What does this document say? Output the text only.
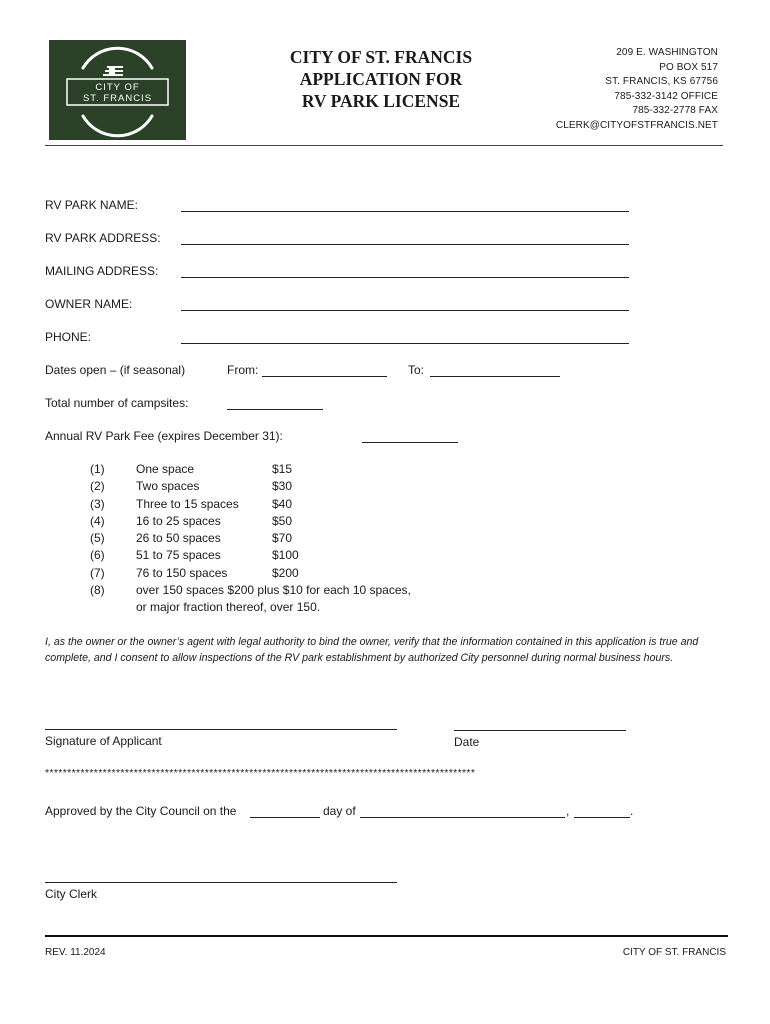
CITY OF
ST. FRANCIS
CITY OF ST. FRANCIS
APPLICATION FOR
RV PARK LICENSE
209 E. WASHINGTON
PO BOX 517
ST. FRANCIS, KS 67756
785-332-3142 OFFICE
785-332-2778 FAX
CLERK@CITYOFSTFRANCIS.NET
RV PARK NAME:
RV PARK ADDRESS:
MAILING ADDRESS:
OWNER NAME:
PHONE:
Dates open – (if seasonal)	From:	To:
Total number of campsites:
Annual RV Park Fee (expires December 31):
(1)	One space	$15
(2)	Two spaces	$30
(3)	Three to 15 spaces	$40
(4)	16 to 25 spaces	$50
(5)	26 to 50 spaces	$70
(6)	51 to 75 spaces	$100
(7)	76 to 150 spaces	$200
(8)	over 150 spaces $200 plus $10 for each 10 spaces,
or major fraction thereof, over 150.
I, as the owner or the owner’s agent with legal authority to bind the owner, verify that the information contained in this application is true and complete, and I consent to allow inspections of the RV park establishment by authorized City personnel during normal business hours.
Signature of Applicant	Date
*************************************************************************************************
Approved by the City Council on the	day of	,	.
City Clerk
REV. 11.2024	CITY OF ST. FRANCIS
